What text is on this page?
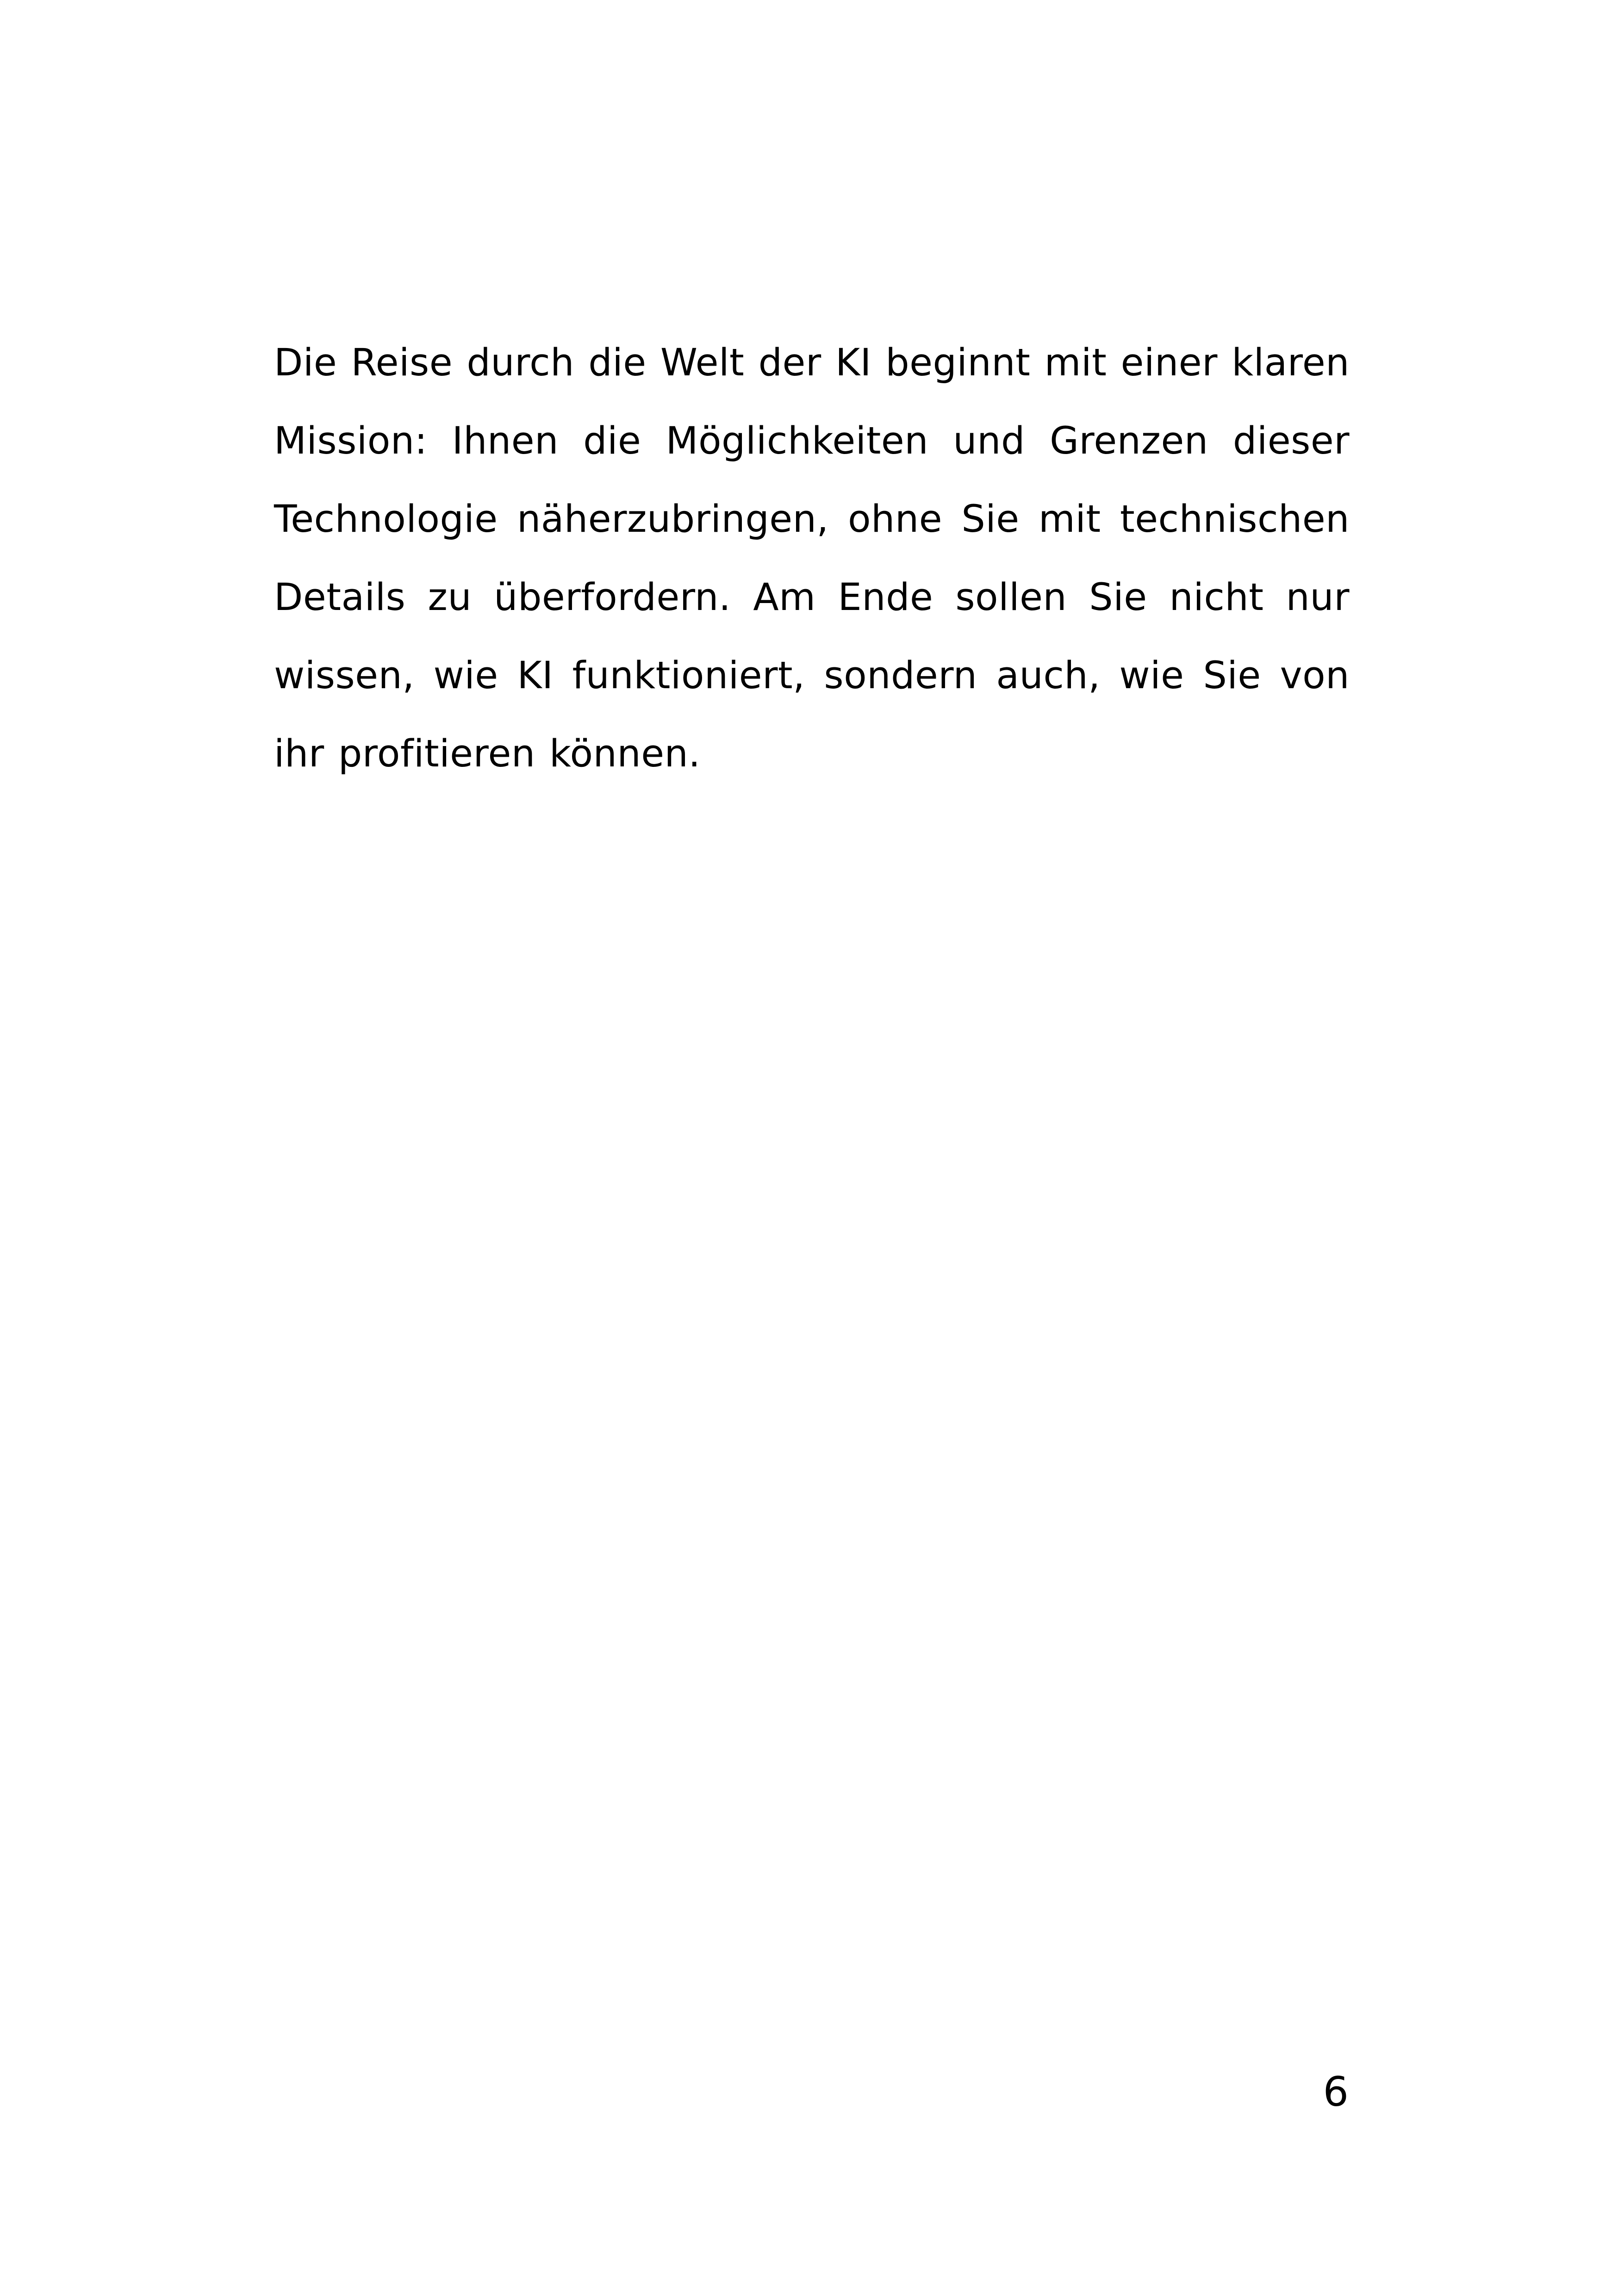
Die Reise durch die Welt der KI beginnt mit einer klaren Mission: Ihnen die Möglichkeiten und Grenzen dieser Technologie näherzubringen, ohne Sie mit technischen Details zu überfordern. Am Ende sollen Sie nicht nur wissen, wie KI funktioniert, sondern auch, wie Sie von ihr profitieren können.

6
